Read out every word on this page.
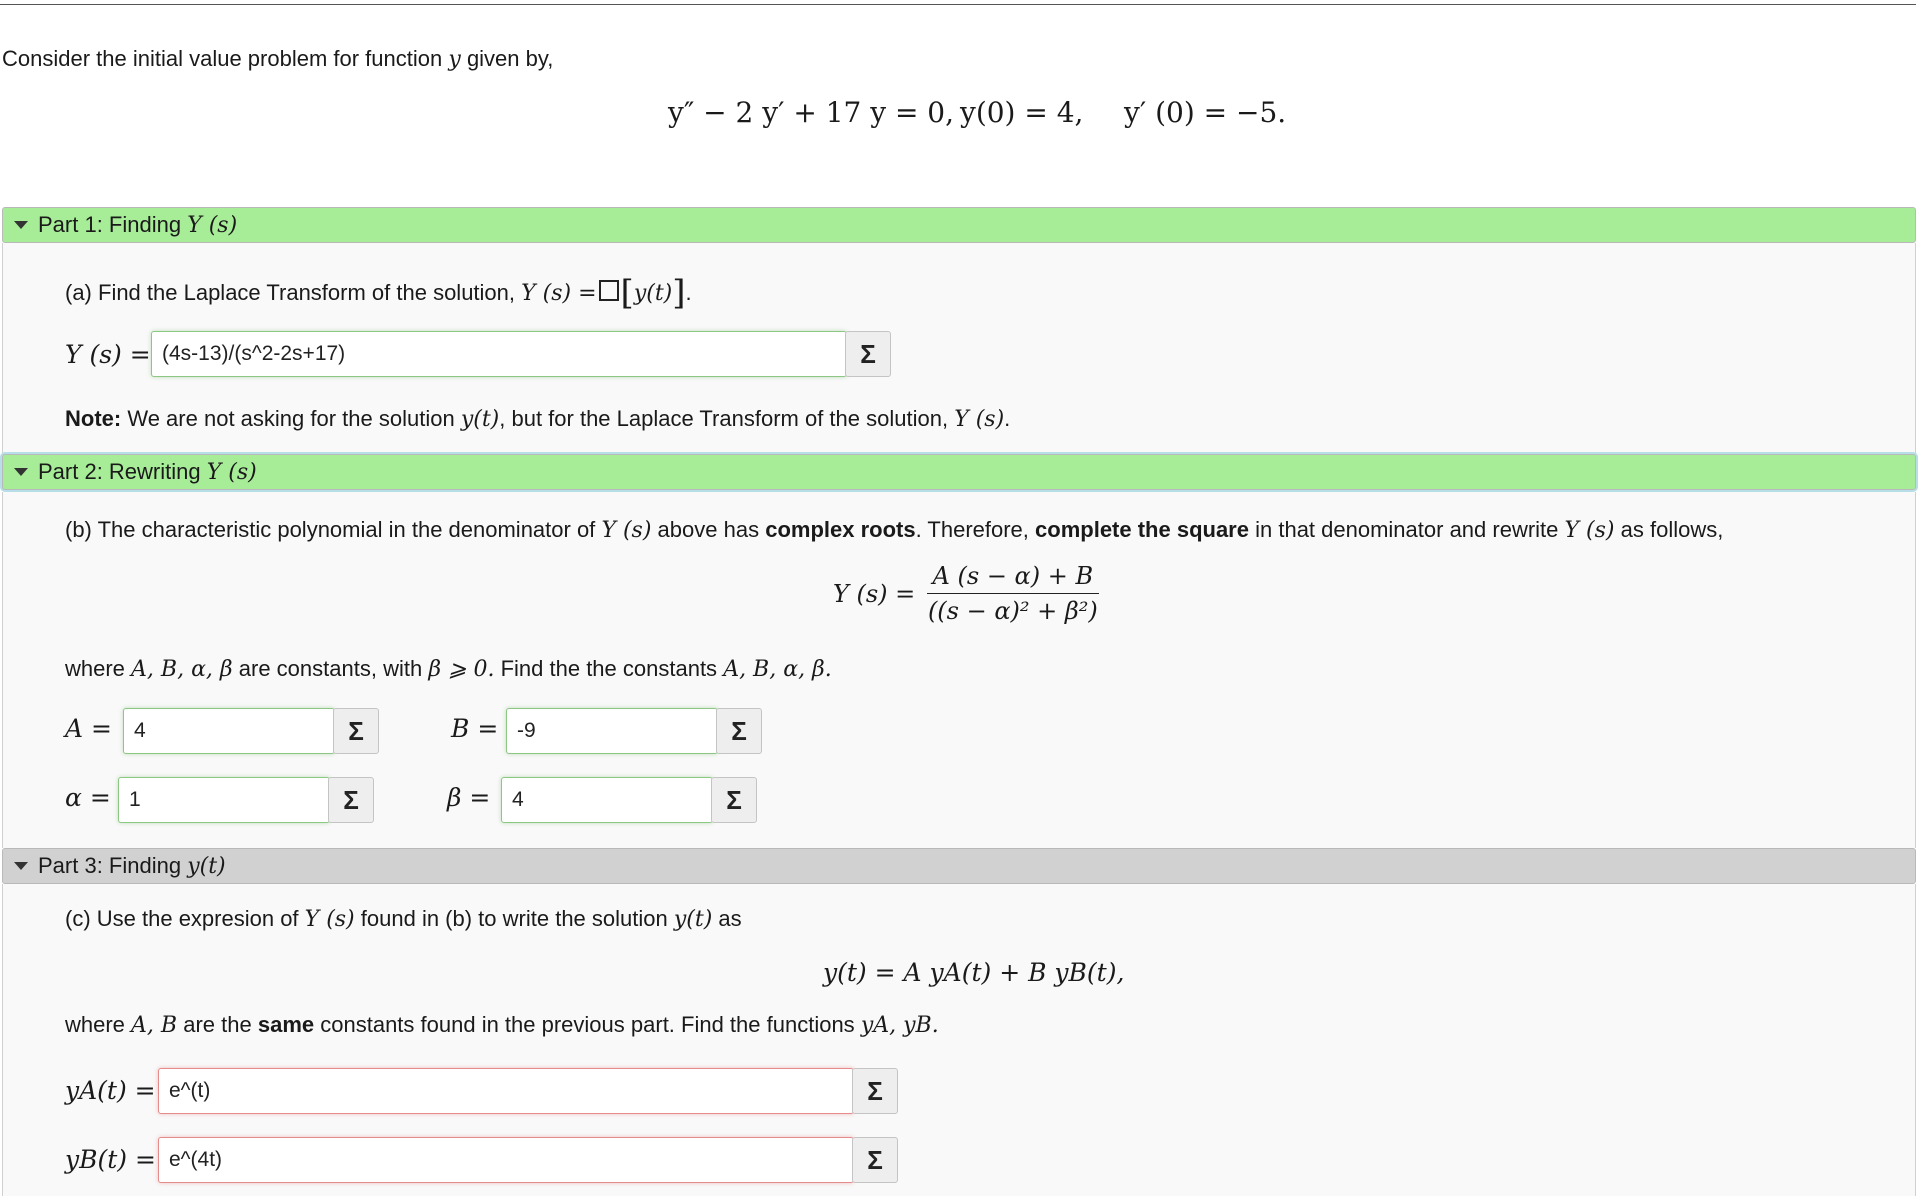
Consider the initial value problem for function y given by,
y″ − 2 y′ + 17 y = 0, y(0) = 4, y′ (0) = −5.
Part 1: Finding
Y (s)
(a) Find the Laplace Transform of the solution, Y (s) = [y(t)].
Y (s) =
(4s-13)/(s^2-2s+17)	Σ
Note: We are not asking for the solution y(t), but for the Laplace Transform of the solution, Y (s).
Part 2: Rewriting
Y (s)
(b) The characteristic polynomial in the denominator of Y (s) above has complex roots. Therefore, complete the square in that denominator and rewrite Y (s) as follows,
Y (s) =
$\frac{A (s - \alpha) + B}{\text{((s − α)² + β²)}}$
where A, B, α, β are constants, with β ⩾ 0. Find the the constants A, B, α, β.
A =
4	Σ	B =
-9	Σ
α =
1	Σ	β =
4	Σ
Part 3: Finding
y(t)
(c) Use the expresion of Y (s) found in (b) to write the solution y(t) as
y(t) = A yA(t) + B yB(t),
where A, B are the same constants found in the previous part. Find the functions yA, yB.
yA(t) =
e^(t)	Σ
yB(t) =
e^(4t)	Σ
